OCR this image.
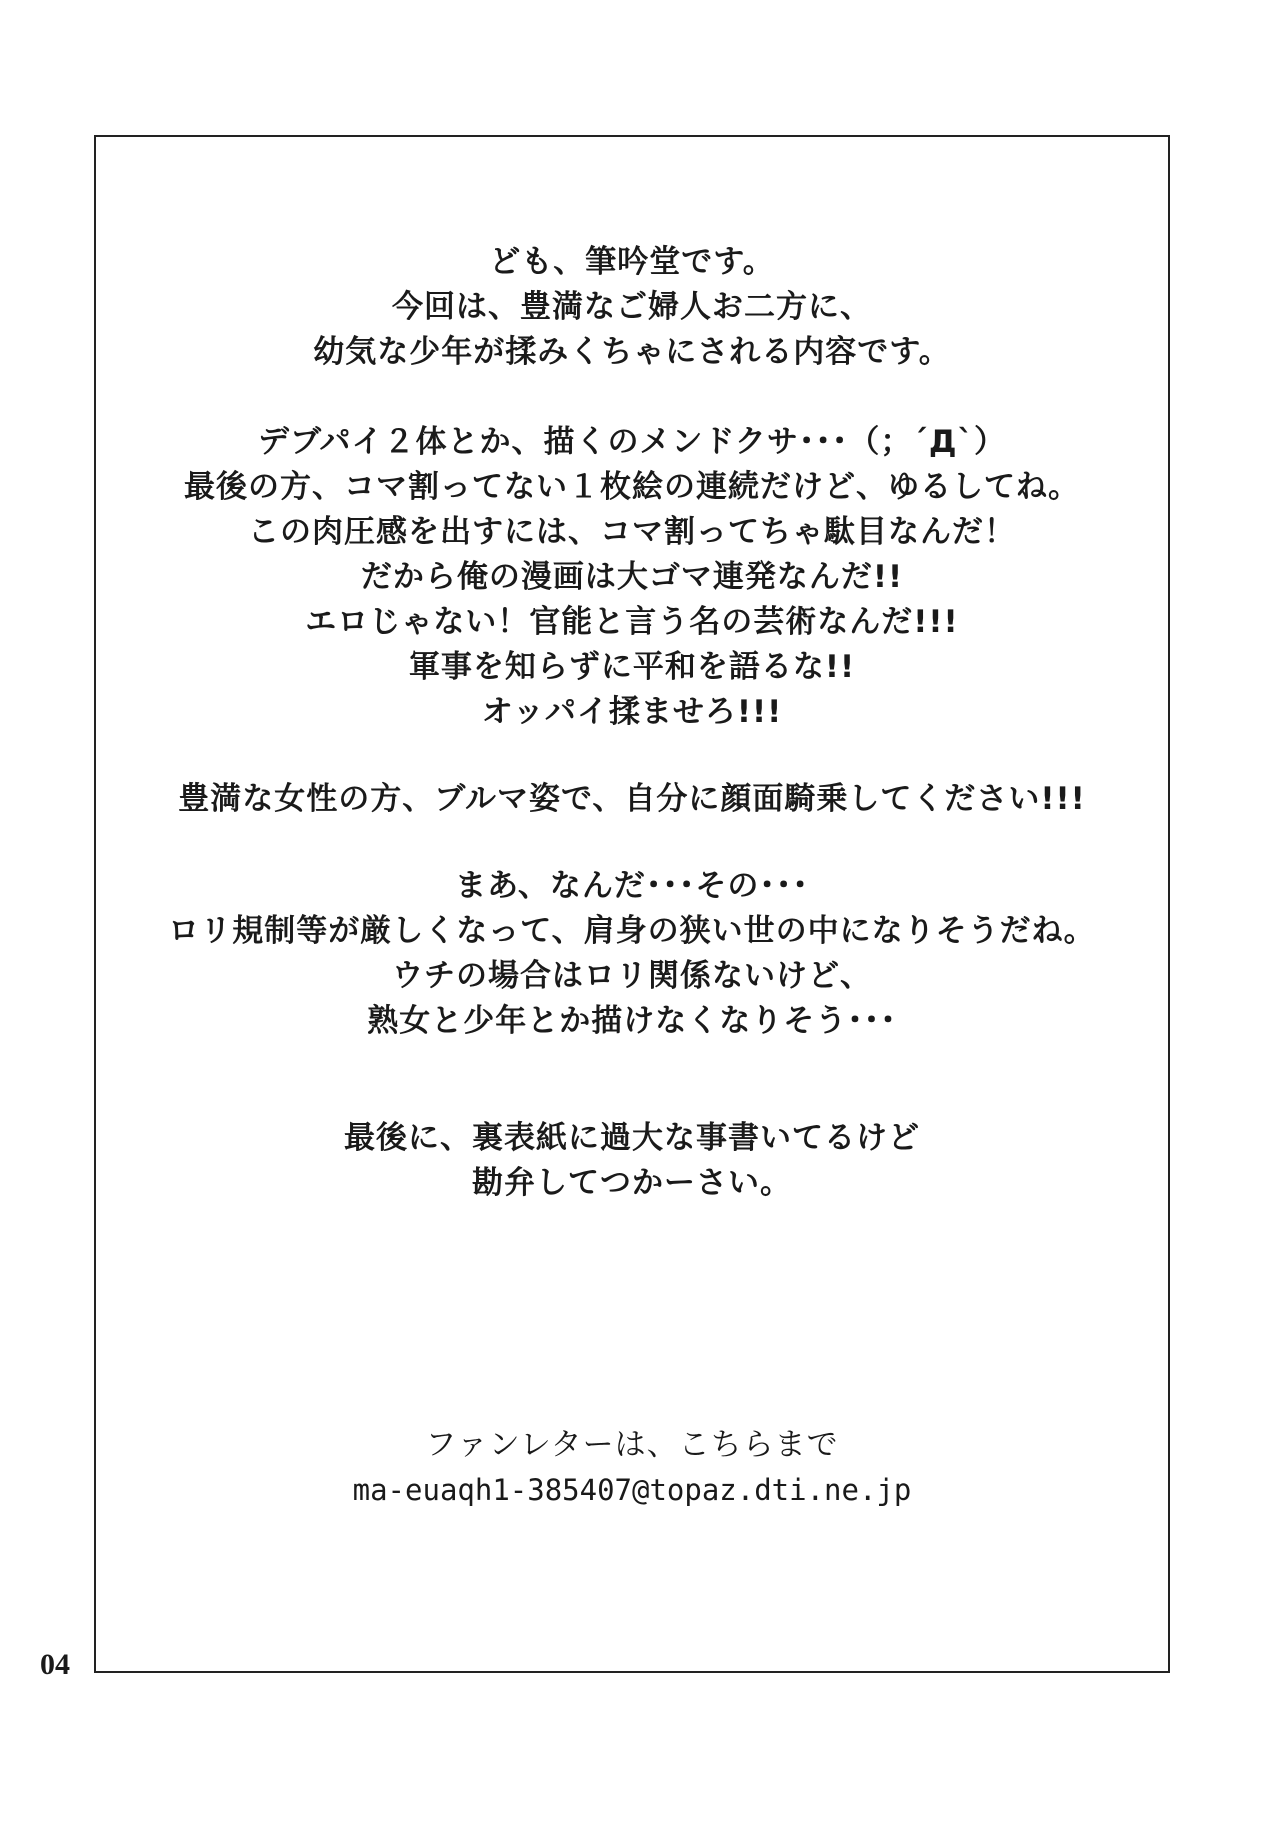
ども、筆吟堂です。
今回は、豊満なご婦人お二方に、
幼気な少年が揉みくちゃにされる内容です。
デブパイ２体とか、描くのメンドクサ･･･（；´Д`）
最後の方、コマ割ってない１枚絵の連続だけど、ゆるしてね。
この肉圧感を出すには、コマ割ってちゃ駄目なんだ！
だから俺の漫画は大ゴマ連発なんだ!!
エロじゃない！官能と言う名の芸術なんだ!!!
軍事を知らずに平和を語るな!!
オッパイ揉ませろ!!!
豊満な女性の方、ブルマ姿で、自分に顔面騎乗してください!!!
まあ、なんだ･･･その･･･
ロリ規制等が厳しくなって、肩身の狭い世の中になりそうだね。
ウチの場合はロリ関係ないけど、
熟女と少年とか描けなくなりそう･･･
最後に、裏表紙に過大な事書いてるけど
勘弁してつかーさい。
ファンレターは、こちらまで
ma-euaqh1-385407@topaz.dti.ne.jp
04
